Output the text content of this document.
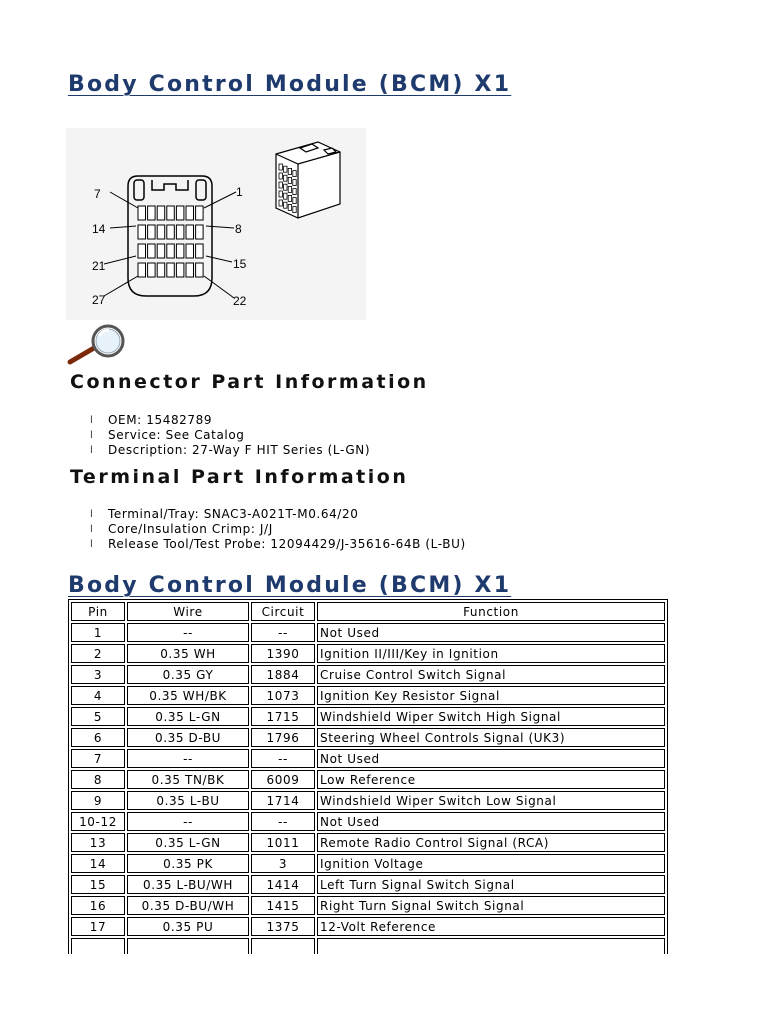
Body Control Module (BCM) X1
7	1
14	8
21	15
27	22
Connector Part Information
l OEM: 15482789
l Service: See Catalog
l Description: 27-Way F HIT Series (L-GN)
Terminal Part Information
l Terminal/Tray: SNAC3-A021T-M0.64/20
l Core/Insulation Crimp: J/J
l Release Tool/Test Probe: 12094429/J-35616-64B (L-BU)
Body Control Module (BCM) X1
Pin	Wire	Circuit	Function
1	--	--	Not Used
2	0.35 WH	1390	Ignition II/III/Key in Ignition
3	0.35 GY	1884	Cruise Control Switch Signal
4	0.35 WH/BK	1073	Ignition Key Resistor Signal
5	0.35 L-GN	1715	Windshield Wiper Switch High Signal
6	0.35 D-BU	1796	Steering Wheel Controls Signal (UK3)
7	--	--	Not Used
8	0.35 TN/BK	6009	Low Reference
9	0.35 L-BU	1714	Windshield Wiper Switch Low Signal
10-12	--	--	Not Used
13	0.35 L-GN	1011	Remote Radio Control Signal (RCA)
14	0.35 PK	3	Ignition Voltage
15	0.35 L-BU/WH	1414	Left Turn Signal Switch Signal
16	0.35 D-BU/WH	1415	Right Turn Signal Switch Signal
17	0.35 PU	1375	12-Volt Reference
